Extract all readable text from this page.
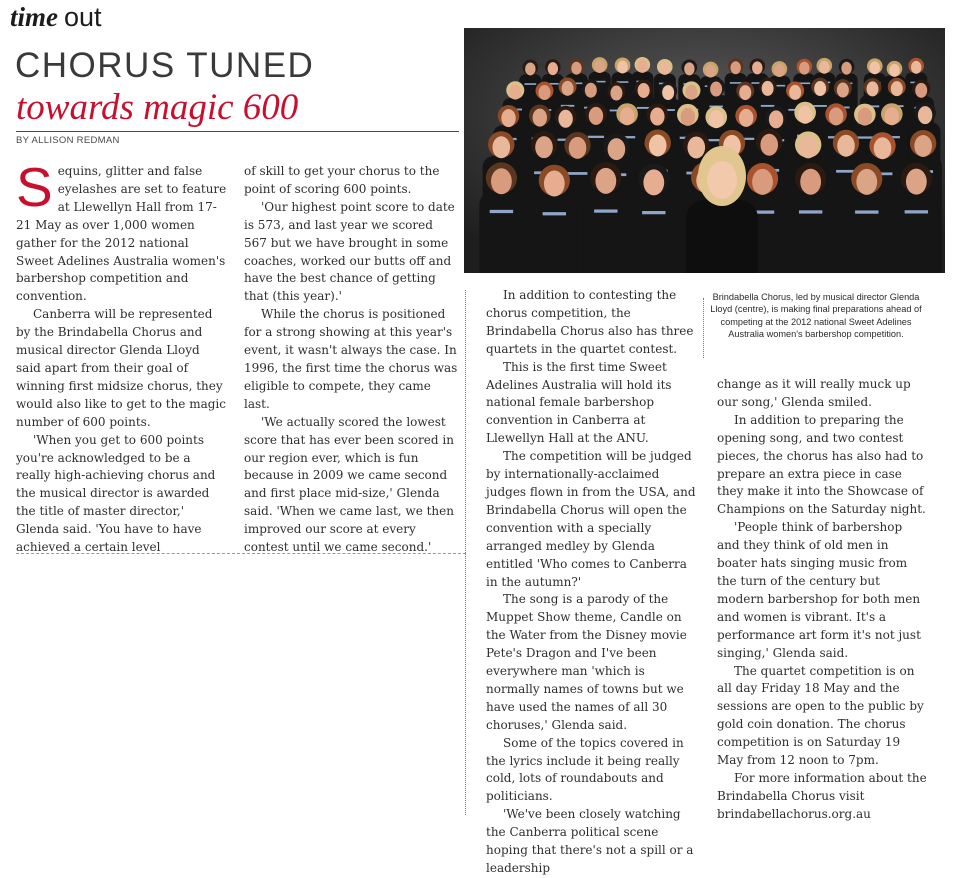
time out
CHORUS TUNED
towards magic 600
BY ALLISON REDMAN
S equins, glitter and false eyelashes are set to feature at Llewellyn Hall from 17-21 May as over 1,000 women gather for the 2012 national Sweet Adelines Australia women's barbershop competition and convention.

Canberra will be represented by the Brindabella Chorus and musical director Glenda Lloyd said apart from their goal of winning first midsize chorus, they would also like to get to the magic number of 600 points.

'When you get to 600 points you're acknowledged to be a really high-achieving chorus and the musical director is awarded the title of master director,' Glenda said. 'You have to have achieved a certain level

of skill to get your chorus to the point of scoring 600 points.

'Our highest point score to date is 573, and last year we scored 567 but we have brought in some coaches, worked our butts off and have the best chance of getting that (this year).'

While the chorus is positioned for a strong showing at this year's event, it wasn't always the case. In 1996, the first time the chorus was eligible to compete, they came last.

'We actually scored the lowest score that has ever been scored in our region ever, which is fun because in 2009 we came second and first place mid-size,' Glenda said. 'When we came last, we then improved our score at every contest until we came second.'

Brindabella Chorus, led by musical director Glenda Lloyd (centre), is making final preparations ahead of competing at the 2012 national Sweet Adelines Australia women's barbershop competition.

In addition to contesting the chorus competition, the Brindabella Chorus also has three quartets in the quartet contest.

This is the first time Sweet Adelines Australia will hold its national female barbershop convention in Canberra at Llewellyn Hall at the ANU.

The competition will be judged by internationally-acclaimed judges flown in from the USA, and Brindabella Chorus will open the convention with a specially arranged medley by Glenda entitled 'Who comes to Canberra in the autumn?'

The song is a parody of the Muppet Show theme, Candle on the Water from the Disney movie Pete's Dragon and I've been everywhere man 'which is normally names of towns but we have used the names of all 30 choruses,' Glenda said.

Some of the topics covered in the lyrics include it being really cold, lots of roundabouts and politicians.

'We've been closely watching the Canberra political scene hoping that there's not a spill or a leadership

change as it will really muck up our song,' Glenda smiled.

In addition to preparing the opening song, and two contest pieces, the chorus has also had to prepare an extra piece in case they make it into the Showcase of Champions on the Saturday night.

'People think of barbershop and they think of old men in boater hats singing music from the turn of the century but modern barbershop for both men and women is vibrant. It's a performance art form it's not just singing,' Glenda said.

The quartet competition is on all day Friday 18 May and the sessions are open to the public by gold coin donation. The chorus competition is on Saturday 19 May from 12 noon to 7pm.

For more information about the Brindabella Chorus visit brindabellachorus.org.au
